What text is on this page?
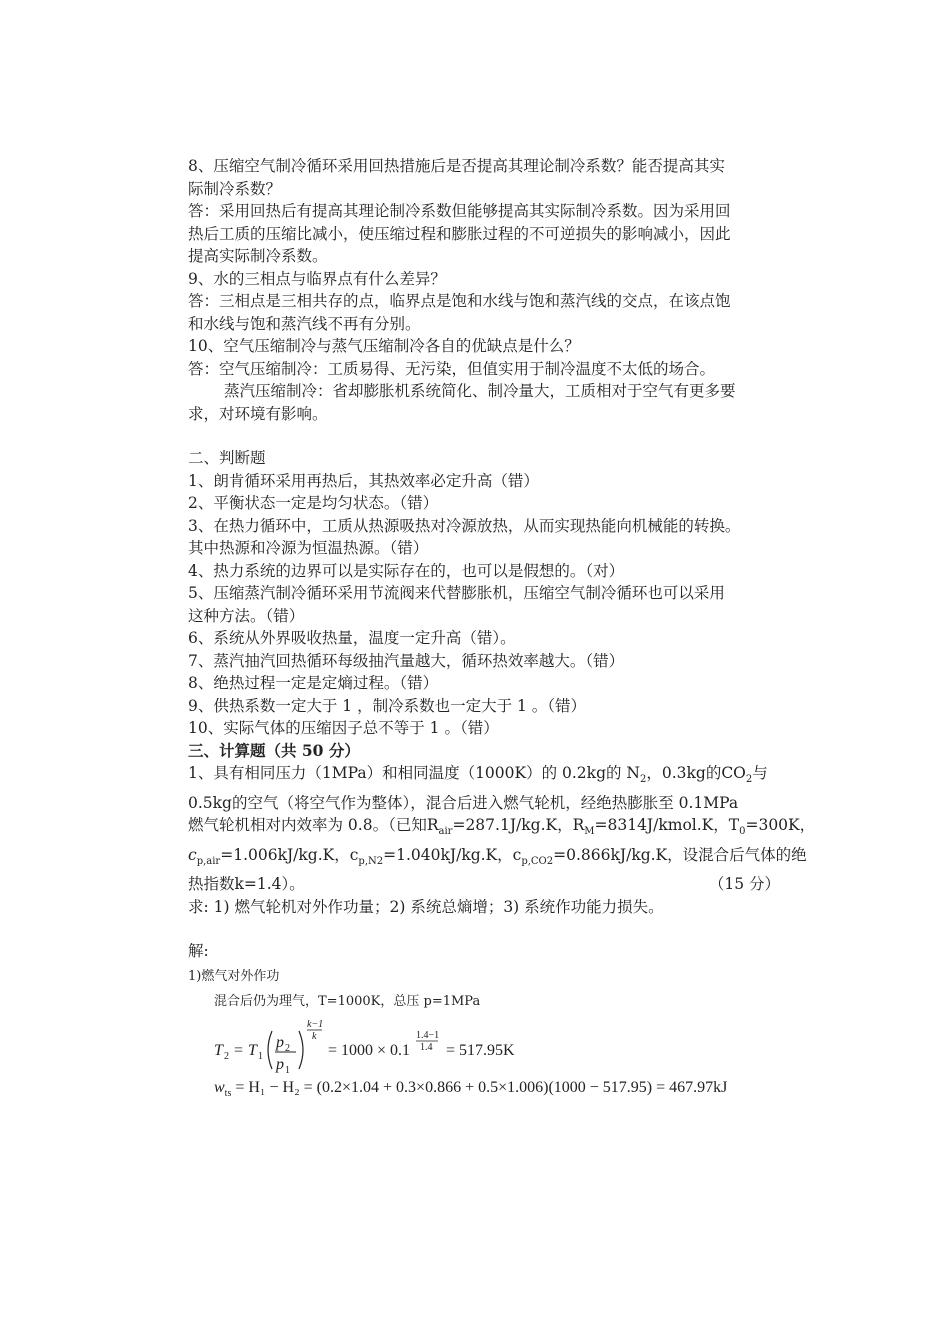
8、压缩空气制冷循环采用回热措施后是否提高其理论制冷系数？能否提高其实
际制冷系数？
答：采用回热后有提高其理论制冷系数但能够提高其实际制冷系数。因为采用回
热后工质的压缩比减小，使压缩过程和膨胀过程的不可逆损失的影响减小，因此
提高实际制冷系数。
9、水的三相点与临界点有什么差异？
答：三相点是三相共存的点，临界点是饱和水线与饱和蒸汽线的交点，在该点饱
和水线与饱和蒸汽线不再有分别。
10、空气压缩制冷与蒸气压缩制冷各自的优缺点是什么？
答：空气压缩制冷：工质易得、无污染，但值实用于制冷温度不太低的场合。
蒸汽压缩制冷：省却膨胀机系统简化、制冷量大，工质相对于空气有更多要
求，对环境有影响。
二、判断题
1、朗肯循环采用再热后，其热效率必定升高（错）
2、平衡状态一定是均匀状态。（错）
3、在热力循环中，工质从热源吸热对冷源放热，从而实现热能向机械能的转换。
其中热源和冷源为恒温热源。（错）
4、热力系统的边界可以是实际存在的，也可以是假想的。（对）
5、压缩蒸汽制冷循环采用节流阀来代替膨胀机，压缩空气制冷循环也可以采用
这种方法。（错）
6、系统从外界吸收热量，温度一定升高（错）。
7、蒸汽抽汽回热循环每级抽汽量越大，循环热效率越大。（错）
8、绝热过程一定是定熵过程。（错）
9、供热系数一定大于 1 ，制冷系数也一定大于 1 。（错）
10、实际气体的压缩因子总不等于 1 。（错）
三、计算题（共 50 分）
1、具有相同压力（1MPa）和相同温度（1000K）的 0.2kg的 $N_2$，0.3kg的$CO_2$与
0.5kg的空气（将空气作为整体），混合后进入燃气轮机，经绝热膨胀至 0.1MPa
燃气轮机相对内效率为 0.8。（已知$R_{air}=287.1J/kg.K$，$R_M=8314J/kmol.K$，$T_0=300K$，
$c_{p,air}=1.006kJ/kg.K$，$c_{p,N2}=1.040kJ/kg.K$，$c_{p,CO2}=0.866kJ/kg.K$，设混合后气体的绝
热指数k=1.4）。	（15 分）
求: 1) 燃气轮机对外作功量；2) 系统总熵增；3) 系统作功能力损失。
解:
1)燃气对外作功
混合后仍为理气，T=1000K，总压 p=1MPa
T 2 = T 1
p 2
p 1
k−1
k
= 1000 × 0.1
1.4−1
1.4 = 517.95K
$w_{ts} = H_1 - H_2 = (0.2\times 1.04 + 0.3\times 0.866 + 0.5\times 1.006)(1000 - 517.95) = 467.97kJ$
